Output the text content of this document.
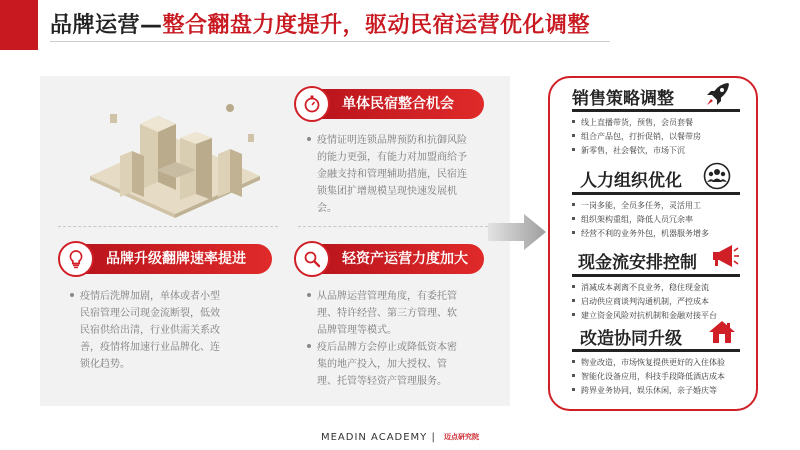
品牌运营—整合翻盘力度提升，驱动民宿运营优化调整
单体民宿整合机会
疫情证明连锁品牌预防和抗御风险
的能力更强，有能力对加盟商给予
金融支持和管理辅助措施，民宿连
锁集团扩增规模呈现快速发展机
会。
品牌升级翻牌速率提进
疫情后洗牌加剧，单体或者小型
民宿管理公司现金流断裂，低效
民宿供给出清，行业供需关系改
善，疫情将加速行业品牌化、连
锁化趋势。
轻资产运营力度加大
从品牌运营管理角度，有委托管
理、特许经营、第三方管理、软
品牌管理等模式。
疫后品牌方会停止或降低资本密
集的地产投入，加大授权、管
理、托管等轻资产管理服务。
销售策略调整
线上直播带货，预售，会员套餐
组合产品包，打折促销，以餐带房
新零售，社会餐饮，市场下沉
人力组织优化
一岗多能，全员多任务，灵活用工
组织架构重组，降低人员冗余率
经营不利的业务外包，机器服务增多
现金流安排控制
消减成本剥离不良业务，稳住现金流
启动供应商谈判沟通机制，严控成本
建立资金风险对抗机制和金融对接平台
改造协同升级
物业改造，市场恢复提供更好的入住体验
智能化设备应用，科技手段降低酒店成本
跨界业务协同，娱乐休闲，亲子婚庆等
MEADIN ACADEMY | 迈点研究院
